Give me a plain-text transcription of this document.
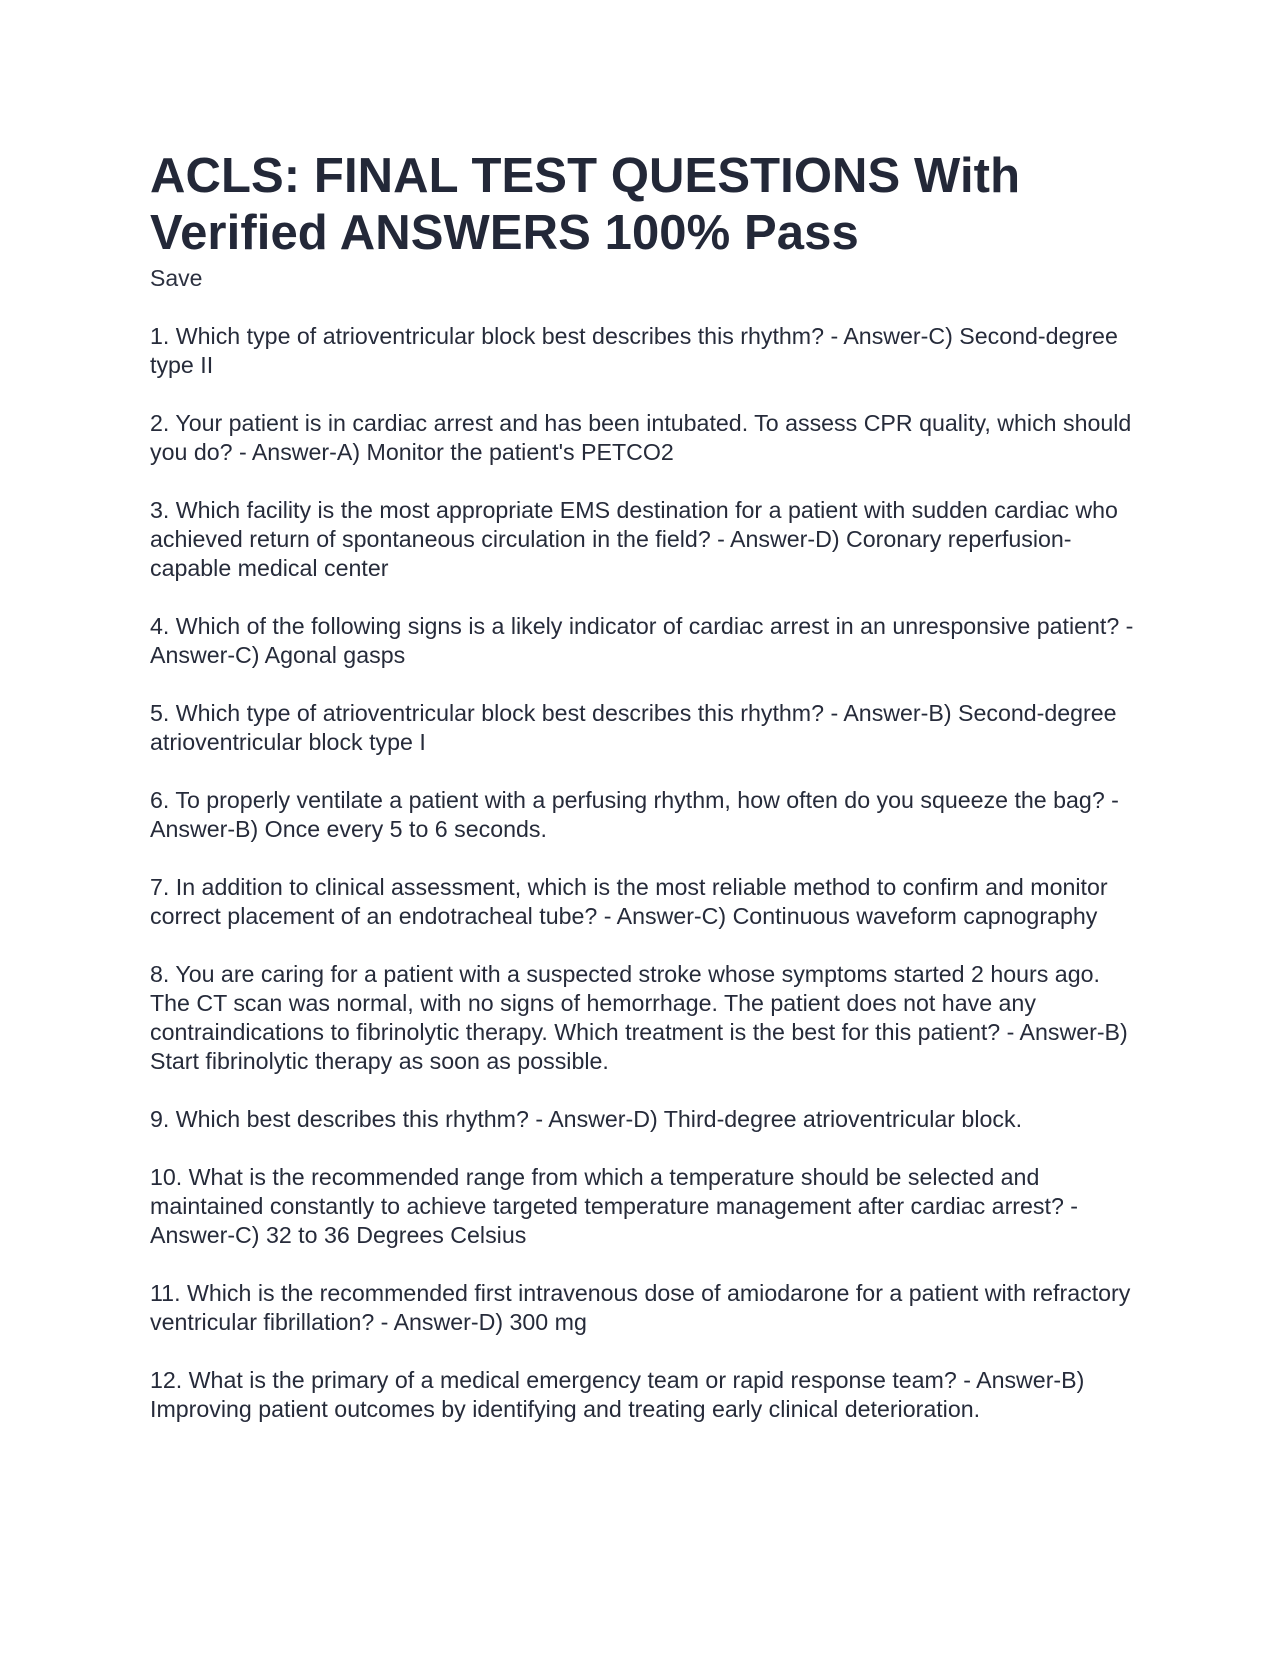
ACLS: FINAL TEST QUESTIONS With Verified ANSWERS 100% Pass
Save

1. Which type of atrioventricular block best describes this rhythm? - Answer-C) Second-degree type II

2. Your patient is in cardiac arrest and has been intubated. To assess CPR quality, which should you do? - Answer-A) Monitor the patient's PETCO2

3. Which facility is the most appropriate EMS destination for a patient with sudden cardiac who achieved return of spontaneous circulation in the field? - Answer-D) Coronary reperfusion-capable medical center

4. Which of the following signs is a likely indicator of cardiac arrest in an unresponsive patient? - Answer-C) Agonal gasps

5. Which type of atrioventricular block best describes this rhythm? - Answer-B) Second-degree atrioventricular block type I

6. To properly ventilate a patient with a perfusing rhythm, how often do you squeeze the bag? - Answer-B) Once every 5 to 6 seconds.

7. In addition to clinical assessment, which is the most reliable method to confirm and monitor correct placement of an endotracheal tube? - Answer-C) Continuous waveform capnography

8. You are caring for a patient with a suspected stroke whose symptoms started 2 hours ago. The CT scan was normal, with no signs of hemorrhage. The patient does not have any contraindications to fibrinolytic therapy. Which treatment is the best for this patient? - Answer-B) Start fibrinolytic therapy as soon as possible.

9. Which best describes this rhythm? - Answer-D) Third-degree atrioventricular block.

10. What is the recommended range from which a temperature should be selected and maintained constantly to achieve targeted temperature management after cardiac arrest? - Answer-C) 32 to 36 Degrees Celsius

11. Which is the recommended first intravenous dose of amiodarone for a patient with refractory ventricular fibrillation? - Answer-D) 300 mg

12. What is the primary of a medical emergency team or rapid response team? - Answer-B) Improving patient outcomes by identifying and treating early clinical deterioration.
